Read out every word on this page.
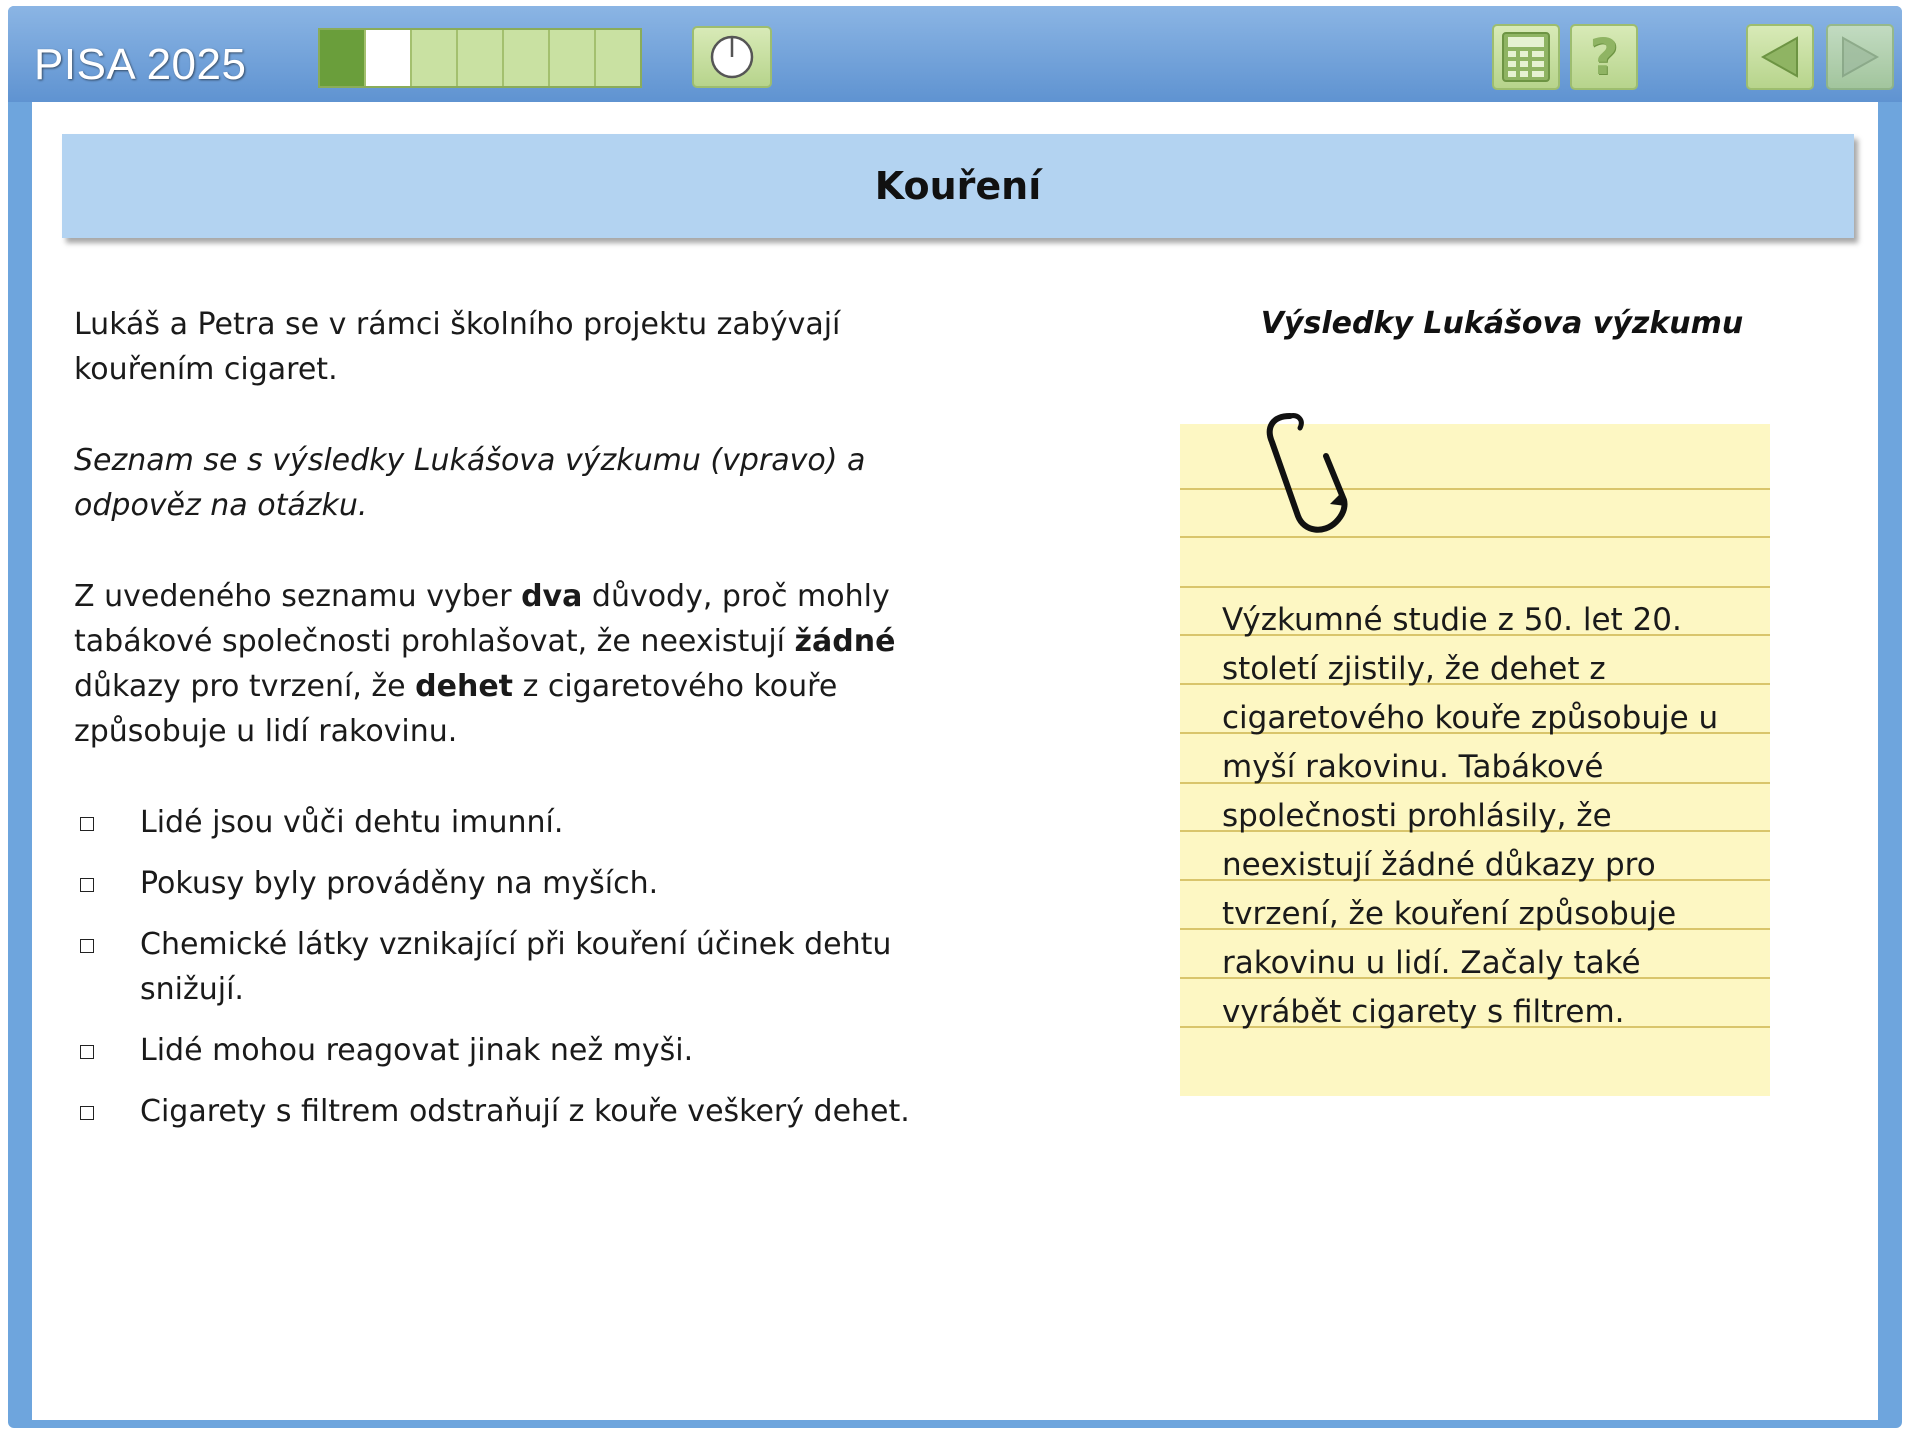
PISA 2025	?
Kouření

Lukáš a Petra se v rámci školního projektu zabývají kouřením cigaret.

Seznam se s výsledky Lukášova výzkumu (vpravo) a odpověz na otázku.

Z uvedeného seznamu vyber dva důvody, proč mohly tabákové společnosti prohlašovat, že neexistují žádné důkazy pro tvrzení, že dehet z cigaretového kouře způsobuje u lidí rakovinu.

Lidé jsou vůči dehtu imunní.
Pokusy byly prováděny na myších.
Chemické látky vznikající při kouření účinek dehtu snižují.
Lidé mohou reagovat jinak než myši.
Cigarety s filtrem odstraňují z kouře veškerý dehet.
Výsledky Lukášova výzkumu
Výzkumné studie z 50. let 20. století zjistily, že dehet z cigaretového kouře způsobuje u myší rakovinu. Tabákové společnosti prohlásily, že neexistují žádné důkazy pro tvrzení, že kouření způsobuje rakovinu u lidí. Začaly také vyrábět cigarety s filtrem.
